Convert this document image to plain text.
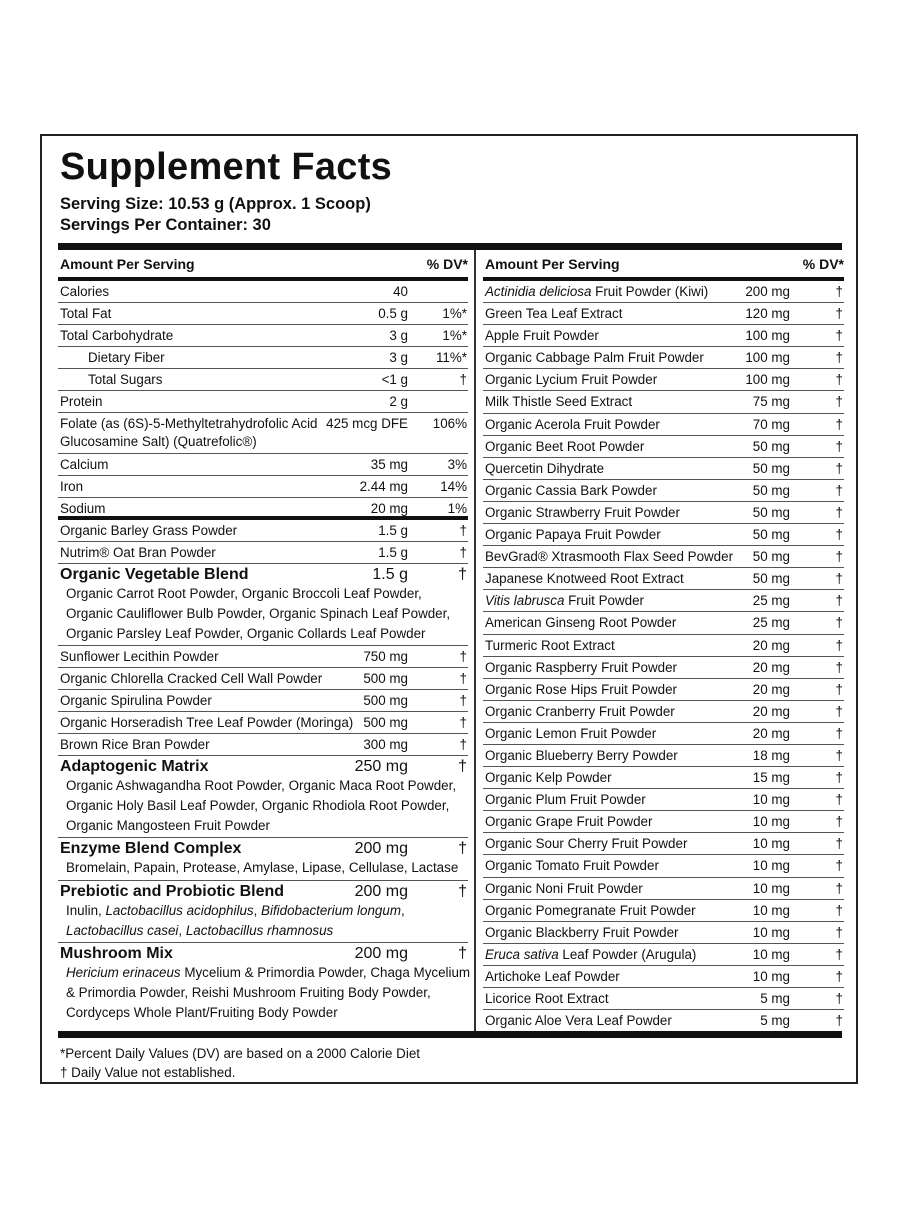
Supplement Facts
Serving Size: 10.53 g (Approx. 1 Scoop)
Servings Per Container: 30
Amount Per Serving	% DV*
Calories	40
Total Fat	0.5 g	1%*
Total Carbohydrate	3 g	1%*
Dietary Fiber	3 g 11%*
Total Sugars	<1 g	†
Protein	2 g
Folate (as (6S)-5-Methyltetrahydrofolic Acid Glucosamine Salt) (Quatrefolic®)
425 mcg DFE 106%
Calcium	35 mg	3%
Iron	2.44 mg 14%
Sodium	20 mg	1%
Organic Barley Grass Powder	1.5 g	†
Nutrim® Oat Bran Powder	1.5 g	†
Organic Vegetable Blend	1.5 g	†
Organic Carrot Root Powder, Organic Broccoli Leaf Powder,
Organic Cauliflower Bulb Powder, Organic Spinach Leaf Powder,
Organic Parsley Leaf Powder, Organic Collards Leaf Powder
Sunflower Lecithin Powder	750 mg	†
Organic Chlorella Cracked Cell Wall Powder	500 mg	†
Organic Spirulina Powder	500 mg	†
Organic Horseradish Tree Leaf Powder (Moringa) 500 mg	†
Brown Rice Bran Powder	300 mg	†
Adaptogenic Matrix	250 mg	†
Organic Ashwagandha Root Powder, Organic Maca Root Powder,
Organic Holy Basil Leaf Powder, Organic Rhodiola Root Powder,
Organic Mangosteen Fruit Powder
Enzyme Blend Complex	200 mg	†
Bromelain, Papain, Protease, Amylase, Lipase, Cellulase, Lactase
Prebiotic and Probiotic Blend	200 mg	†
Inulin, Lactobacillus acidophilus, Bifidobacterium longum,
Lactobacillus casei, Lactobacillus rhamnosus
Mushroom Mix	200 mg	†
Hericium erinaceus Mycelium & Primordia Powder, Chaga Mycelium
& Primordia Powder, Reishi Mushroom Fruiting Body Powder,
Cordyceps Whole Plant/Fruiting Body Powder
Amount Per Serving	% DV*
Actinidia deliciosa Fruit Powder (Kiwi)	200 mg	†
Green Tea Leaf Extract	120 mg	†
Apple Fruit Powder	100 mg	†
Organic Cabbage Palm Fruit Powder	100 mg	†
Organic Lycium Fruit Powder	100 mg	†
Milk Thistle Seed Extract	75 mg	†
Organic Acerola Fruit Powder	70 mg	†
Organic Beet Root Powder	50 mg	†
Quercetin Dihydrate	50 mg	†
Organic Cassia Bark Powder	50 mg	†
Organic Strawberry Fruit Powder	50 mg	†
Organic Papaya Fruit Powder	50 mg	†
BevGrad® Xtrasmooth Flax Seed Powder	50 mg	†
Japanese Knotweed Root Extract	50 mg	†
Vitis labrusca Fruit Powder	25 mg	†
American Ginseng Root Powder	25 mg	†
Turmeric Root Extract	20 mg	†
Organic Raspberry Fruit Powder	20 mg	†
Organic Rose Hips Fruit Powder	20 mg	†
Organic Cranberry Fruit Powder	20 mg	†
Organic Lemon Fruit Powder	20 mg	†
Organic Blueberry Berry Powder	18 mg	†
Organic Kelp Powder	15 mg	†
Organic Plum Fruit Powder	10 mg	†
Organic Grape Fruit Powder	10 mg	†
Organic Sour Cherry Fruit Powder	10 mg	†
Organic Tomato Fruit Powder	10 mg	†
Organic Noni Fruit Powder	10 mg	†
Organic Pomegranate Fruit Powder	10 mg	†
Organic Blackberry Fruit Powder	10 mg	†
Eruca sativa Leaf Powder (Arugula)	10 mg	†
Artichoke Leaf Powder	10 mg	†
Licorice Root Extract	5 mg	†
Organic Aloe Vera Leaf Powder	5 mg	†
*Percent Daily Values (DV) are based on a 2000 Calorie Diet
† Daily Value not established.
